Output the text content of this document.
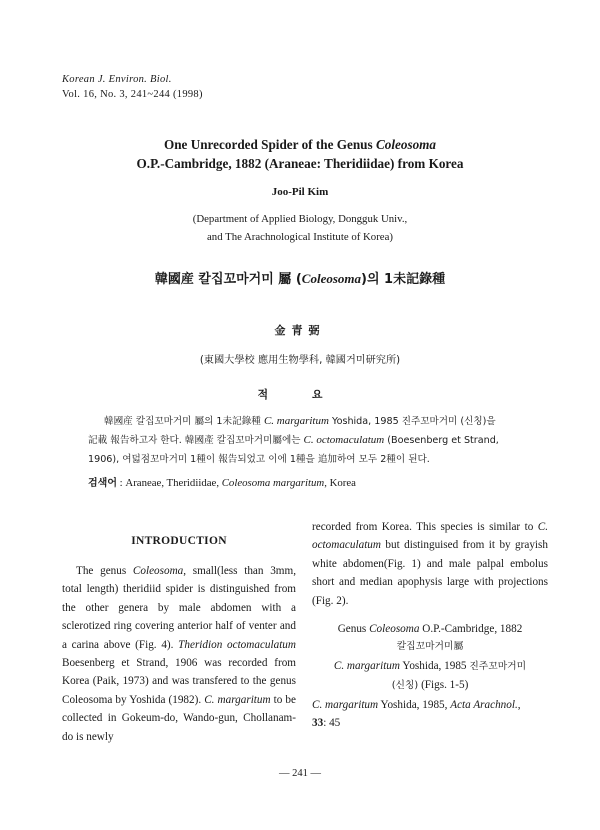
Korean J. Environ. Biol.
Vol. 16, No. 3, 241~244 (1998)
One Unrecorded Spider of the Genus Coleosoma
O.P.-Cambridge, 1882 (Araneae: Theridiidae) from Korea
Joo-Pil Kim
(Department of Applied Biology, Dongguk Univ.,
and The Arachnological Institute of Korea)
韓國産 칼집꼬마거미 屬 (Coleosoma)의 1未記錄種
金青弼
(東國大學校 應用生物學科, 韓國거미研究所)
적 요
韓國産 칼집꼬마거미 屬의 1未記錄種 C. margaritum Yoshida, 1985 진주꼬마거미 (신칭)을
記載 報告하고자 한다. 韓國產 칼집꼬마거미屬에는 C. octomaculatum (Boesenberg et Strand,
1906), 여덟점꼬마거미 1種이 報告되었고 이에 1種을 追加하여 모두 2種이 된다.
검색어 : Araneae, Theridiidae, Coleosoma margaritum, Korea
INTRODUCTION

The genus Coleosoma, small(less than 3mm, total length) theridiid spider is distinguished from the other genera by male abdomen with a sclerotized ring covering anterior half of venter and a carina above (Fig. 4). Theridion octomaculatum Boesenberg et Strand, 1906 was recorded from Korea (Paik, 1973) and was transfered to the genus Coleosoma by Yoshida (1982). C. margaritum to be collected in Gokeum-do, Wando-gun, Chollanam-do is newly

recorded from Korea. This species is similar to C. octomaculatum but distinguised from it by grayish white abdomen(Fig. 1) and male palpal embolus short and median apophysis large with projections (Fig. 2).

Genus Coleosoma O.P.-Cambridge, 1882

칼집꼬마거미屬

C. margaritum Yoshida, 1985 진주꼬마거미

(신칭) (Figs. 1-5)

C. margaritum Yoshida, 1985, Acta Arachnol.,

33: 45

— 241 —
